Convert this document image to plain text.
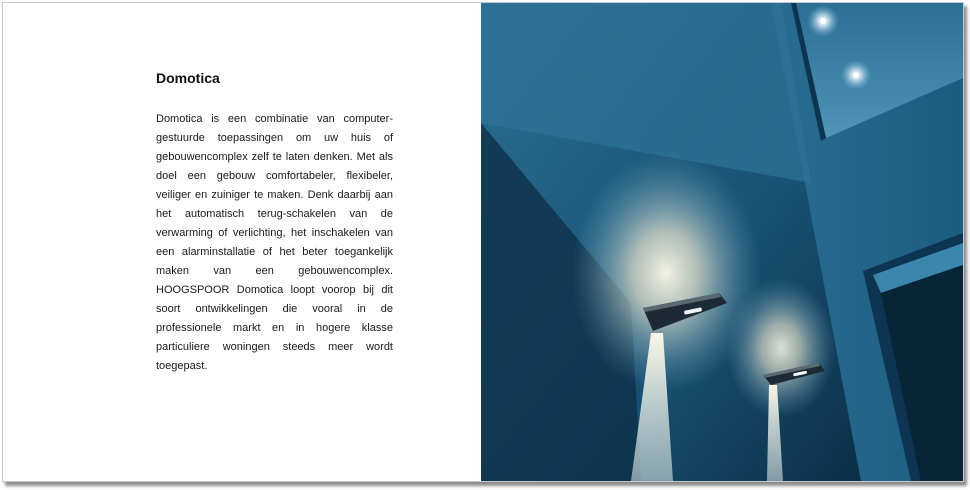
Domotica

Domotica is een combinatie van computer-gestuurde toepassingen om uw huis of gebouwencomplex zelf te laten denken. Met als doel een gebouw comfortabeler, flexibeler, veiliger en zuiniger te maken. Denk daarbij aan het automatisch terug-schakelen van de verwarming of verlichting, het inschakelen van een alarminstallatie of het beter toegankelijk maken van een gebouwencomplex. HOOGSPOOR Domotica loopt voorop bij dit soort ontwikkelingen die vooral in de professionele markt en in hogere klasse particuliere woningen steeds meer wordt toegepast.
